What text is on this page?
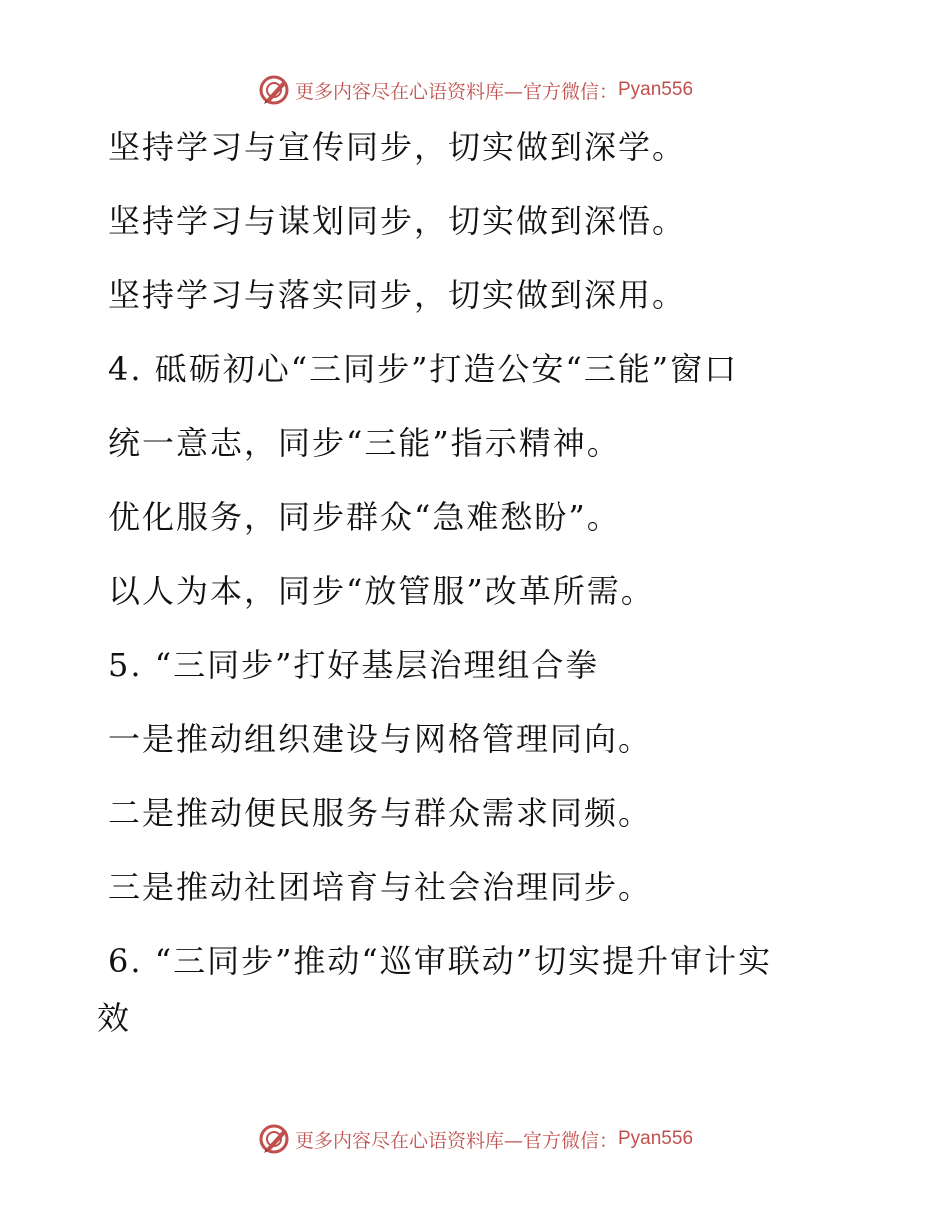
更多内容尽在心语资料库—官方微信： Pyan556
坚持学习与宣传同步，切实做到深学。
坚持学习与谋划同步，切实做到深悟。
坚持学习与落实同步，切实做到深用。
4. 砥砺初心“三同步”打造公安“三能”窗口
统一意志，同步“三能”指示精神。
优化服务，同步群众“急难愁盼”。
以人为本，同步“放管服”改革所需。
5. “三同步”打好基层治理组合拳
一是推动组织建设与网格管理同向。
二是推动便民服务与群众需求同频。
三是推动社团培育与社会治理同步。
6. “三同步”推动“巡审联动”切实提升审计实
效
更多内容尽在心语资料库—官方微信： Pyan556
